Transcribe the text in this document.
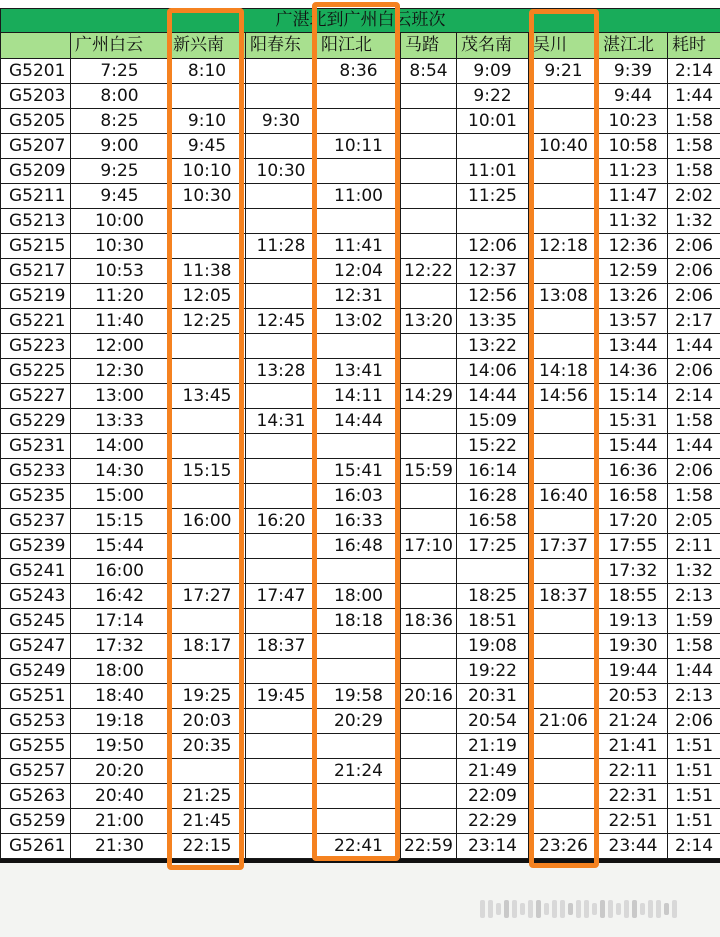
广湛北到广州白云班次									
	广州白云	新兴南	阳春东	阳江北	马踏	茂名南	吴川	湛江北	耗时
G5201	7:25	8:10		8:36	8:54	9:09	9:21	9:39	2:14
G5203	8:00					9:22		9:44	1:44
G5205	8:25	9:10	9:30			10:01		10:23	1:58
G5207	9:00	9:45		10:11			10:40	10:58	1:58
G5209	9:25	10:10	10:30			11:01		11:23	1:58
G5211	9:45	10:30		11:00		11:25		11:47	2:02
G5213	10:00							11:32	1:32
G5215	10:30		11:28	11:41		12:06	12:18	12:36	2:06
G5217	10:53	11:38		12:04	12:22	12:37		12:59	2:06
G5219	11:20	12:05		12:31		12:56	13:08	13:26	2:06
G5221	11:40	12:25	12:45	13:02	13:20	13:35		13:57	2:17
G5223	12:00					13:22		13:44	1:44
G5225	12:30		13:28	13:41		14:06	14:18	14:36	2:06
G5227	13:00	13:45		14:11	14:29	14:44	14:56	15:14	2:14
G5229	13:33		14:31	14:44		15:09		15:31	1:58
G5231	14:00					15:22		15:44	1:44
G5233	14:30	15:15		15:41	15:59	16:14		16:36	2:06
G5235	15:00			16:03		16:28	16:40	16:58	1:58
G5237	15:15	16:00	16:20	16:33		16:58		17:20	2:05
G5239	15:44			16:48	17:10	17:25	17:37	17:55	2:11
G5241	16:00							17:32	1:32
G5243	16:42	17:27	17:47	18:00		18:25	18:37	18:55	2:13
G5245	17:14			18:18	18:36	18:51		19:13	1:59
G5247	17:32	18:17	18:37			19:08		19:30	1:58
G5249	18:00					19:22		19:44	1:44
G5251	18:40	19:25	19:45	19:58	20:16	20:31		20:53	2:13
G5253	19:18	20:03		20:29		20:54	21:06	21:24	2:06
G5255	19:50	20:35				21:19		21:41	1:51
G5257	20:20			21:24		21:49		22:11	1:51
G5263	20:40	21:25				22:09		22:31	1:51
G5259	21:00	21:45				22:29		22:51	1:51
G5261	21:30	22:15		22:41	22:59	23:14	23:26	23:44	2:14
